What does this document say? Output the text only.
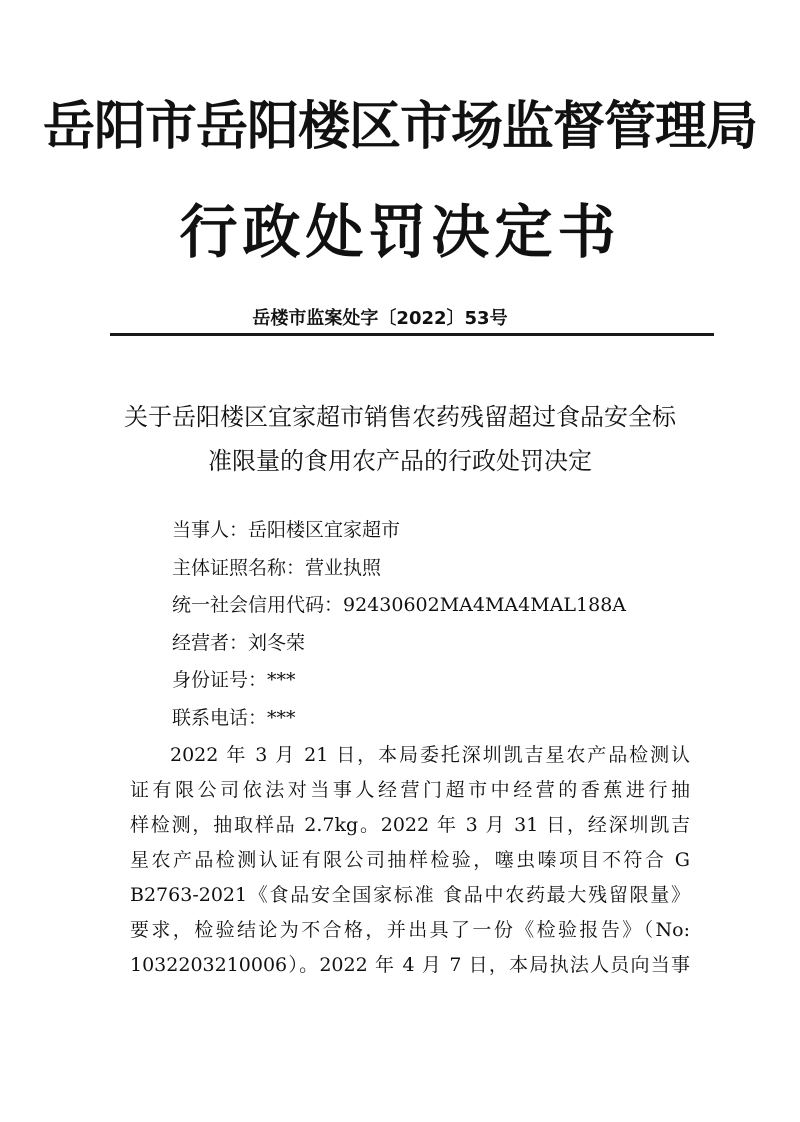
岳阳市岳阳楼区市场监督管理局
行政处罚决定书
岳楼市监案处字〔2022〕53号
关于岳阳楼区宜家超市销售农药残留超过食品安全标
准限量的食用农产品的行政处罚决定
当事人：岳阳楼区宜家超市
主体证照名称：营业执照
统一社会信用代码：92430602MA4MA4MAL188A
经营者：刘冬荣
身份证号：***
联系电话：***
2022 年 3 月 21 日，本局委托深圳凯吉星农产品检测认
证有限公司依法对当事人经营门超市中经营的香蕉进行抽
样检测，抽取样品 2.7kg。2022 年 3 月 31 日，经深圳凯吉
星农产品检测认证有限公司抽样检验，噻虫嗪项目不符合 G
B2763-2021《食品安全国家标准 食品中农药最大残留限量》
要求，检验结论为不合格，并出具了一份《检验报告》（No:
1032203210006）。2022 年 4 月 7 日，本局执法人员向当事
